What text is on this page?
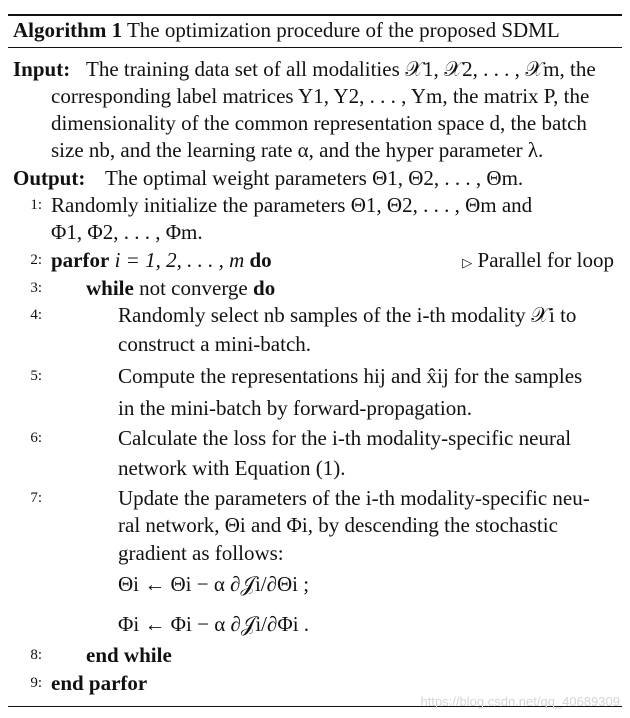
Algorithm 1 The optimization procedure of the proposed SDML
Input: The training data set of all modalities 𝒳1, 𝒳2, . . . , 𝒳m, the
corresponding label matrices Y1, Y2, . . . , Ym, the matrix P, the
dimensionality of the common representation space d, the batch
size nb, and the learning rate α, and the hyper parameter λ.
Output: The optimal weight parameters Θ1, Θ2, . . . , Θm.
1: Randomly initialize the parameters Θ1, Θ2, . . . , Θm and
Φ1, Φ2, . . . , Φm.
2: parfor i = 1, 2, . . . , m do	▷ Parallel for loop
3: while not converge do
4:	Randomly select nb samples of the i-th modality 𝒳i to
construct a mini-batch.
5:	Compute the representations hij and x̂ij for the samples
in the mini-batch by forward-propagation.
6:	Calculate the loss for the i-th modality-specific neural
network with Equation (1).
7:	Update the parameters of the i-th modality-specific neu-
ral network, Θi and Φi, by descending the stochastic
gradient as follows:
Θi ← Θi − α ∂𝒥i/∂Θi ;
Φi ← Φi − α ∂𝒥i/∂Φi .
8: end while
9: end parfor
https://blog.csdn.net/qq_40689309
